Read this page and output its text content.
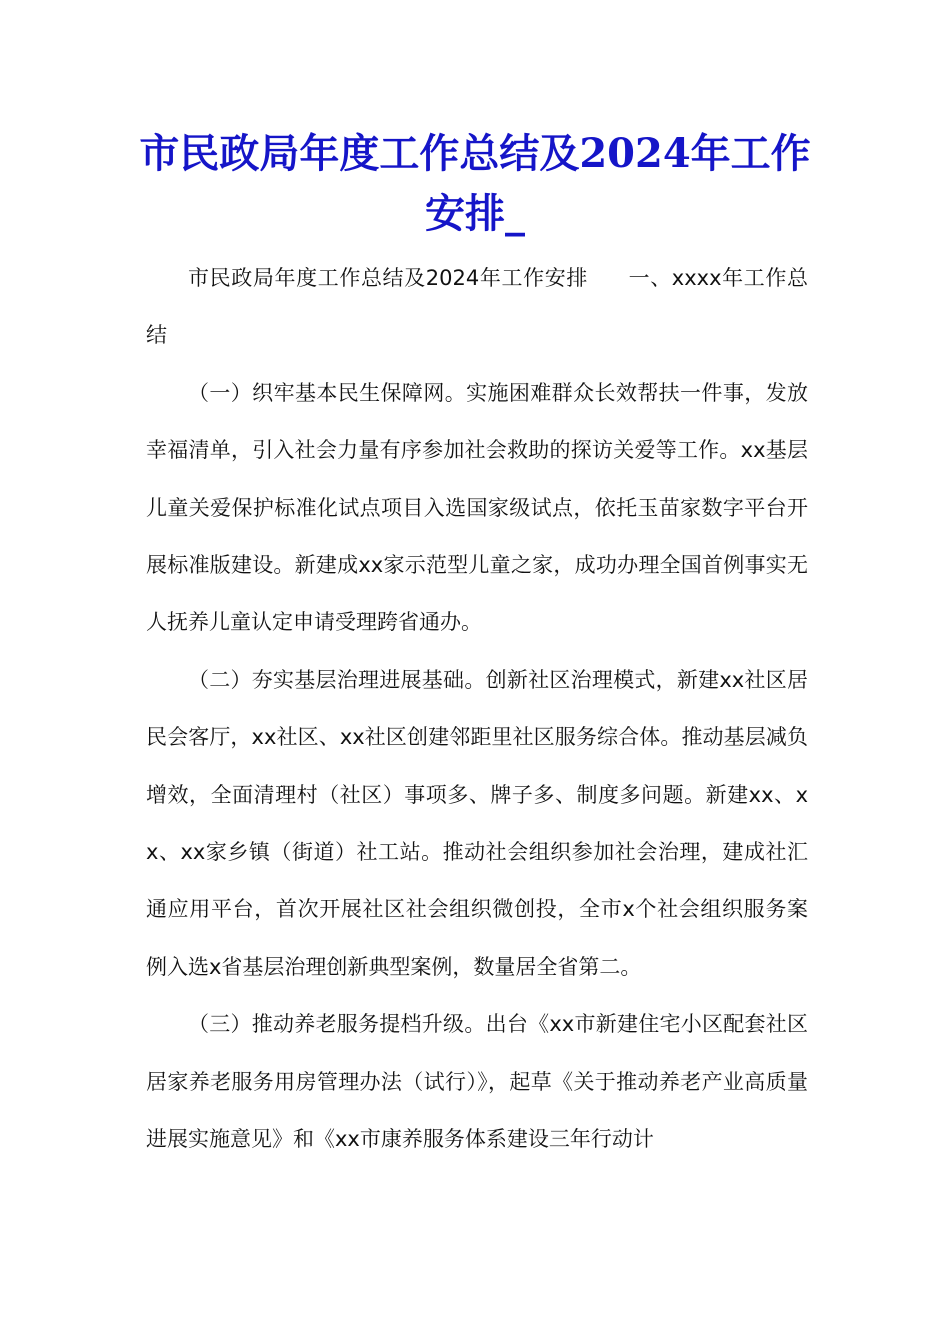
市民政局年度工作总结及2024年工作安排_

市民政局年度工作总结及2024年工作安排 一、xxxx年工作总结

（一）织牢基本民生保障网。实施困难群众长效帮扶一件事，发放幸福清单，引入社会力量有序参加社会救助的探访关爱等工作。xx基层儿童关爱保护标准化试点项目入选国家级试点，依托玉苗家数字平台开展标准版建设。新建成xx家示范型儿童之家，成功办理全国首例事实无人抚养儿童认定申请受理跨省通办。

（二）夯实基层治理进展基础。创新社区治理模式，新建xx社区居民会客厅，xx社区、xx社区创建邻距里社区服务综合体。推动基层减负增效，全面清理村（社区）事项多、牌子多、制度多问题。新建xx、xx、xx家乡镇（街道）社工站。推动社会组织参加社会治理，建成社汇通应用平台，首次开展社区社会组织微创投，全市x个社会组织服务案例入选x省基层治理创新典型案例，数量居全省第二。

（三）推动养老服务提档升级。出台《xx市新建住宅小区配套社区居家养老服务用房管理办法（试行）》，起草《关于推动养老产业高质量进展实施意见》和《xx市康养服务体系建设三年行动计
